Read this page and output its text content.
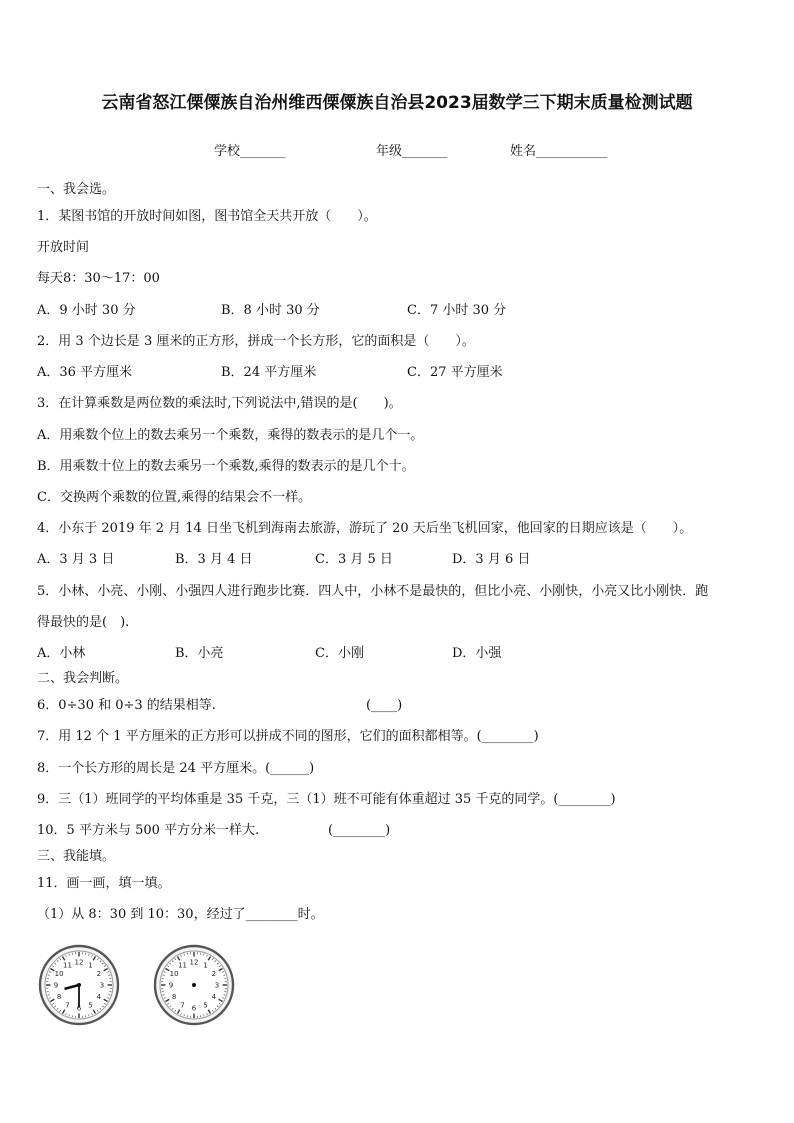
云南省怒江傈僳族自治州维西傈僳族自治县2023届数学三下期末质量检测试题
学校_______	年级_______	姓名___________
一、我会选。
1．某图书馆的开放时间如图，图书馆全天共开放（　　）。
开放时间
每天8：30～17：00
A．9 小时 30 分	B．8 小时 30 分	C．7 小时 30 分
2．用 3 个边长是 3 厘米的正方形，拼成一个长方形，它的面积是（　　）。
A．36 平方厘米	B．24 平方厘米	C．27 平方厘米
3．在计算乘数是两位数的乘法时,下列说法中,错误的是(　　)。
A．用乘数个位上的数去乘另一个乘数，乘得的数表示的是几个一。
B．用乘数十位上的数去乘另一个乘数,乘得的数表示的是几个十。
C．交换两个乘数的位置,乘得的结果会不一样。
4．小东于 2019 年 2 月 14 日坐飞机到海南去旅游，游玩了 20 天后坐飞机回家，他回家的日期应该是（　　）。
A．3 月 3 日	B．3 月 4 日	C．3 月 5 日	D．3 月 6 日
5．小林、小亮、小刚、小强四人进行跑步比赛．四人中，小林不是最快的，但比小亮、小刚快，小亮又比小刚快．跑
得最快的是(　).
A．小林	B．小亮	C．小刚	D．小强
二、我会判断。
6．0÷30 和 0÷3 的结果相等.	(____)
7．用 12 个 1 平方厘米的正方形可以拼成不同的图形，它们的面积都相等。(________)
8．一个长方形的周长是 24 平方厘米。(______)
9．三（1）班同学的平均体重是 35 千克，三（1）班不可能有体重超过 35 千克的同学。(________)
10．5 平方米与 500 平方分米一样大.	(________)
三、我能填。
11．画一画，填一填。
（1）从 8：30 到 10：30，经过了________时。
1
2
3
4
5
6
7
8
9
10
11 12	1
2
3
4
5
6
7
8
9
10
11 12
